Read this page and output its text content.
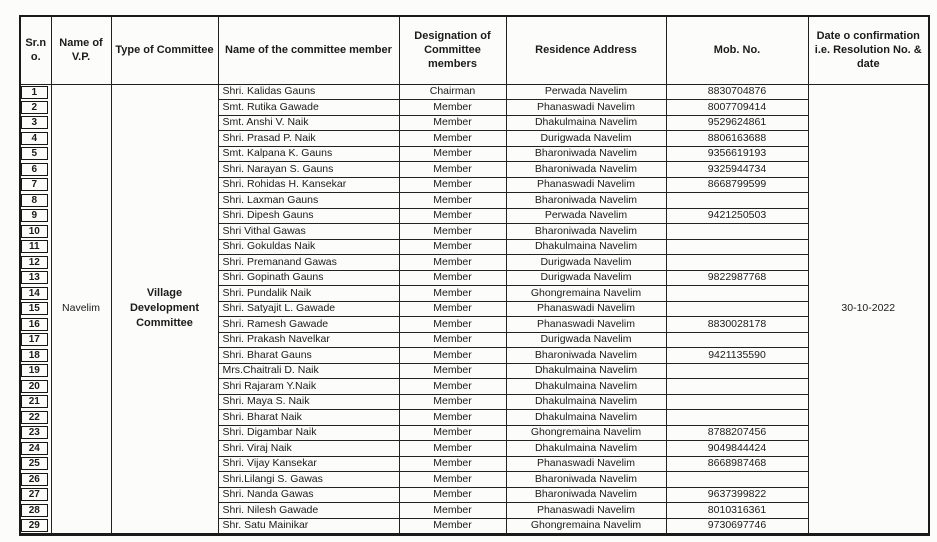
Sr.no.	Name of V.P.	Type of Committee	Name of the committee member	Designation of Committee members	Residence Address	Mob. No.	Date o confirmation i.e. Resolution No. & date

1	Navelim	Village Development Committee	Shri. Kalidas Gauns	Chairman	Perwada Navelim	8830704876	30-10-2022

2			Smt. Rutika Gawade	Member	Phanaswadi Navelim	8007709414	

3			Smt. Anshi V. Naik	Member	Dhakulmaina Navelim	9529624861	

4			Shri. Prasad P. Naik	Member	Durigwada Navelim	8806163688	

5			Smt. Kalpana K. Gauns	Member	Bharoniwada Navelim	9356619193	

6			Shri. Narayan S. Gauns	Member	Bharoniwada Navelim	9325944734	

7			Shri. Rohidas H. Kansekar	Member	Phanaswadi Navelim	8668799599	

8			Shri. Laxman Gauns	Member	Bharoniwada Navelim		

9			Shri. Dipesh Gauns	Member	Perwada Navelim	9421250503	

10			Shri Vithal Gawas	Member	Bharoniwada Navelim		

11			Shri. Gokuldas Naik	Member	Dhakulmaina Navelim		

12			Shri. Premanand Gawas	Member	Durigwada Navelim		

13			Shri. Gopinath Gauns	Member	Durigwada Navelim	9822987768	

14			Shri. Pundalik Naik	Member	Ghongremaina Navelim		

15			Shri. Satyajit L. Gawade	Member	Phanaswadi Navelim		

16			Shri. Ramesh Gawade	Member	Phanaswadi Navelim	8830028178	

17			Shri. Prakash Navelkar	Member	Durigwada Navelim		

18			Shri. Bharat Gauns	Member	Bharoniwada Navelim	9421135590	

19			Mrs.Chaitrali D. Naik	Member	Dhakulmaina Navelim		

20			Shri Rajaram Y.Naik	Member	Dhakulmaina Navelim		

21			Shri. Maya S. Naik	Member	Dhakulmaina Navelim		

22			Shri. Bharat Naik	Member	Dhakulmaina Navelim		

23			Shri. Digambar Naik	Member	Ghongremaina Navelim	8788207456	

24			Shri. Viraj Naik	Member	Dhakulmaina Navelim	9049844424	

25			Shri. Vijay Kansekar	Member	Phanaswadi Navelim	8668987468	

26			Shri.Lilangi S. Gawas	Member	Bharoniwada Navelim		

27			Shri. Nanda Gawas	Member	Bharoniwada Navelim	9637399822	

28			Shri. Nilesh Gawade	Member	Phanaswadi Navelim	8010316361	

29			Shr. Satu Mainikar	Member	Ghongremaina Navelim	9730697746	
